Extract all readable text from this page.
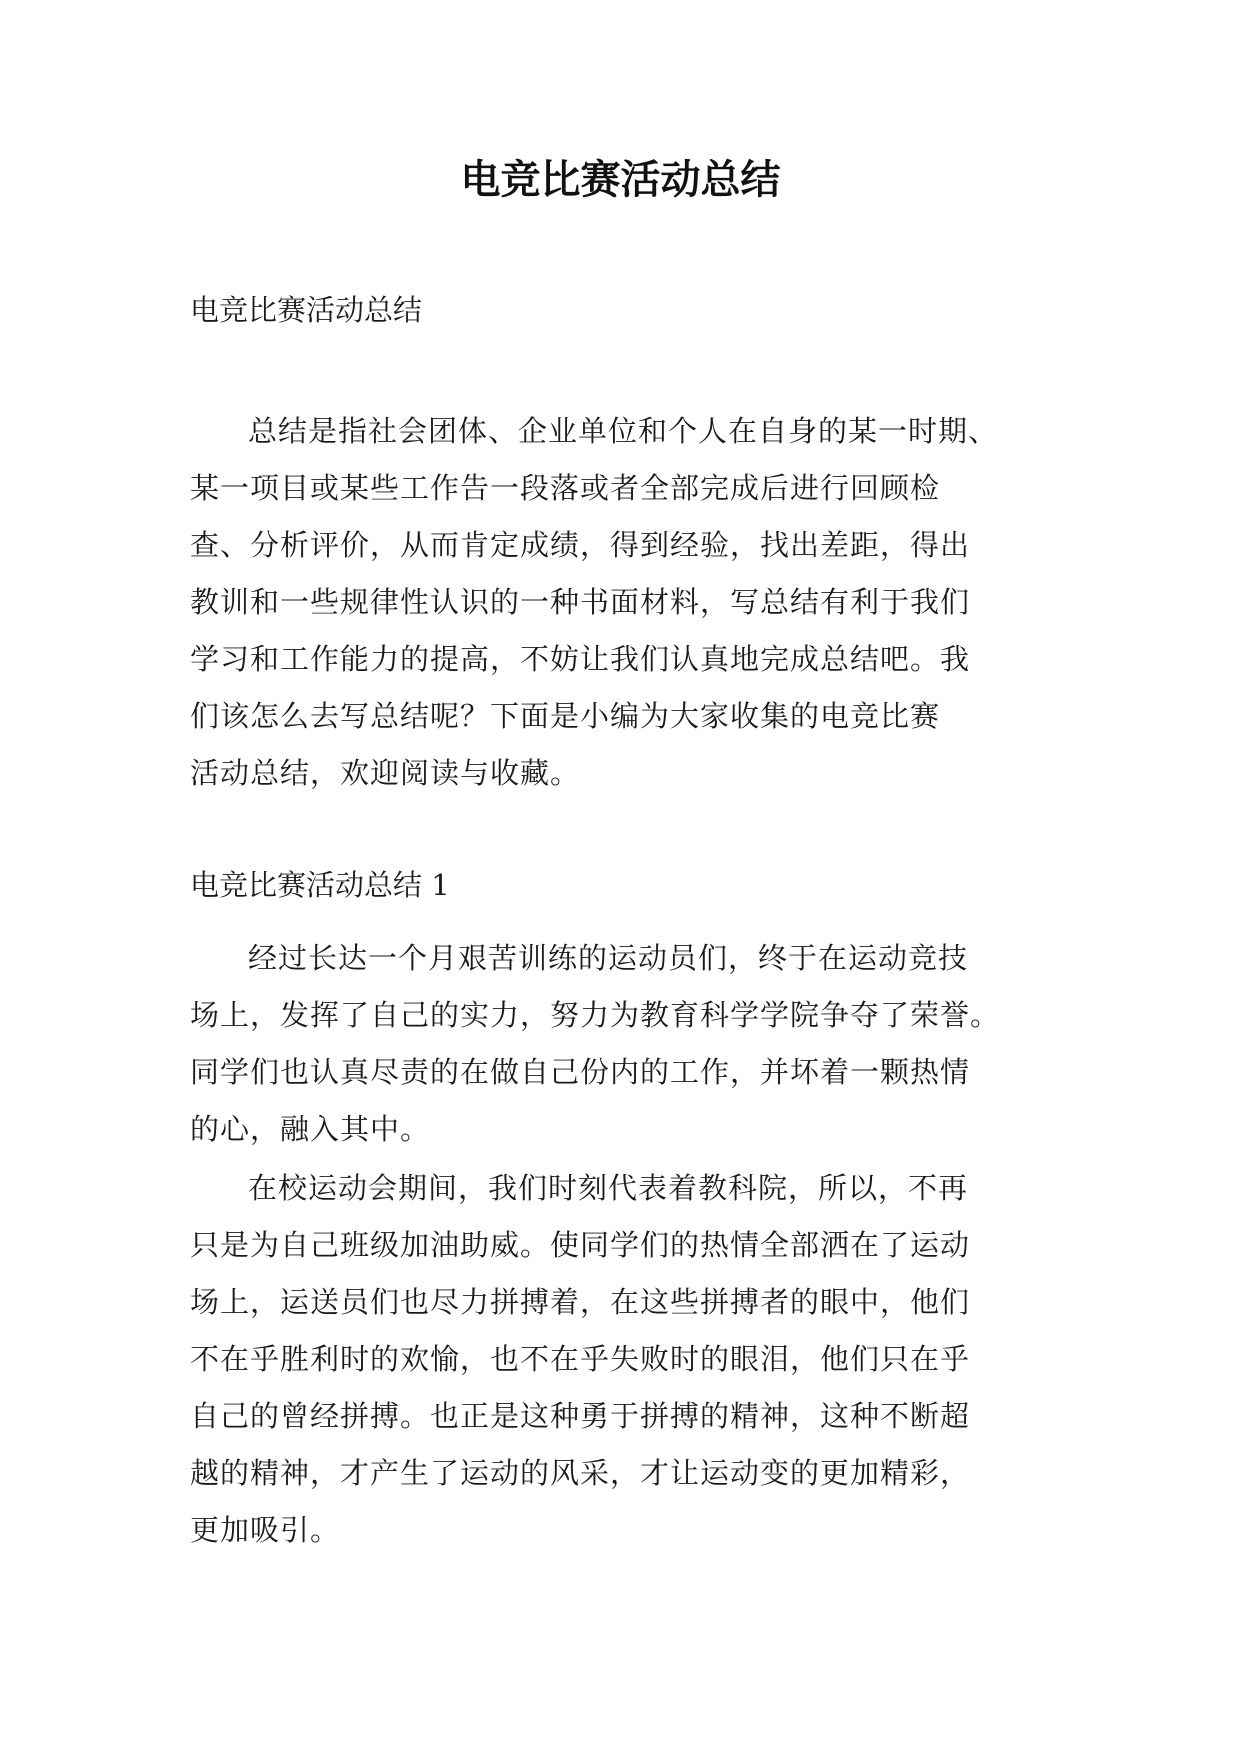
电竞比赛活动总结
电竞比赛活动总结
总结是指社会团体、企业单位和个人在自身的某一时期、
某一项目或某些工作告一段落或者全部完成后进行回顾检
查、分析评价，从而肯定成绩，得到经验，找出差距，得出
教训和一些规律性认识的一种书面材料，写总结有利于我们
学习和工作能力的提高，不妨让我们认真地完成总结吧。我
们该怎么去写总结呢？下面是小编为大家收集的电竞比赛
活动总结，欢迎阅读与收藏。
电竞比赛活动总结 1
经过长达一个月艰苦训练的运动员们，终于在运动竞技
场上，发挥了自己的实力，努力为教育科学学院争夺了荣誉。
同学们也认真尽责的在做自己份内的工作，并坏着一颗热情
的心，融入其中。
在校运动会期间，我们时刻代表着教科院，所以，不再
只是为自己班级加油助威。使同学们的热情全部洒在了运动
场上，运送员们也尽力拼搏着，在这些拼搏者的眼中，他们
不在乎胜利时的欢愉，也不在乎失败时的眼泪，他们只在乎
自己的曾经拼搏。也正是这种勇于拼搏的精神，这种不断超
越的精神，才产生了运动的风采，才让运动变的更加精彩，
更加吸引。
